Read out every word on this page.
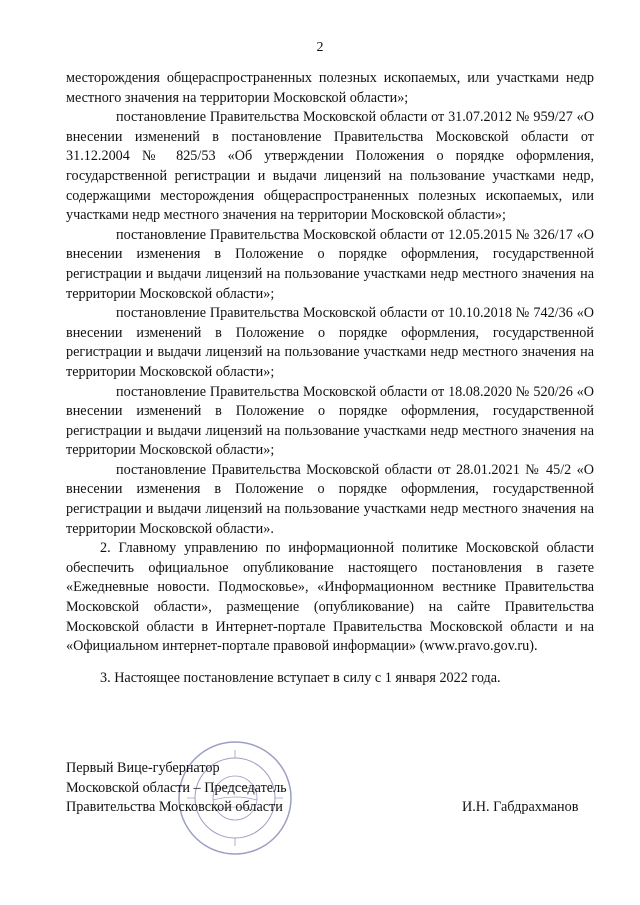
2

месторождения общераспространенных полезных ископаемых, или участками недр местного значения на территории Московской области»;

постановление Правительства Московской области от 31.07.2012 № 959/27 «О внесении изменений в постановление Правительства Московской области от 31.12.2004 № 825/53 «Об утверждении Положения о порядке оформления, государственной регистрации и выдачи лицензий на пользование участками недр, содержащими месторождения общераспространенных полезных ископаемых, или участками недр местного значения на территории Московской области»;

постановление Правительства Московской области от 12.05.2015 № 326/17 «О внесении изменения в Положение о порядке оформления, государственной регистрации и выдачи лицензий на пользование участками недр местного значения на территории Московской области»;

постановление Правительства Московской области от 10.10.2018 № 742/36 «О внесении изменений в Положение о порядке оформления, государственной регистрации и выдачи лицензий на пользование участками недр местного значения на территории Московской области»;

постановление Правительства Московской области от 18.08.2020 № 520/26 «О внесении изменений в Положение о порядке оформления, государственной регистрации и выдачи лицензий на пользование участками недр местного значения на территории Московской области»;

постановление Правительства Московской области от 28.01.2021 № 45/2 «О внесении изменения в Положение о порядке оформления, государственной регистрации и выдачи лицензий на пользование участками недр местного значения на территории Московской области».

2. Главному управлению по информационной политике Московской области обеспечить официальное опубликование настоящего постановления в газете «Ежедневные новости. Подмосковье», «Информационном вестнике Правительства Московской области», размещение (опубликование) на сайте Правительства Московской области в Интернет-портале Правительства Московской области и на «Официальном интернет-портале правовой информации» (www.pravo.gov.ru).

3. Настоящее постановление вступает в силу с 1 января 2022 года.

Первый Вице-губернатор
Московской области – Председатель
Правительства Московской области	И.Н. Габдрахманов
